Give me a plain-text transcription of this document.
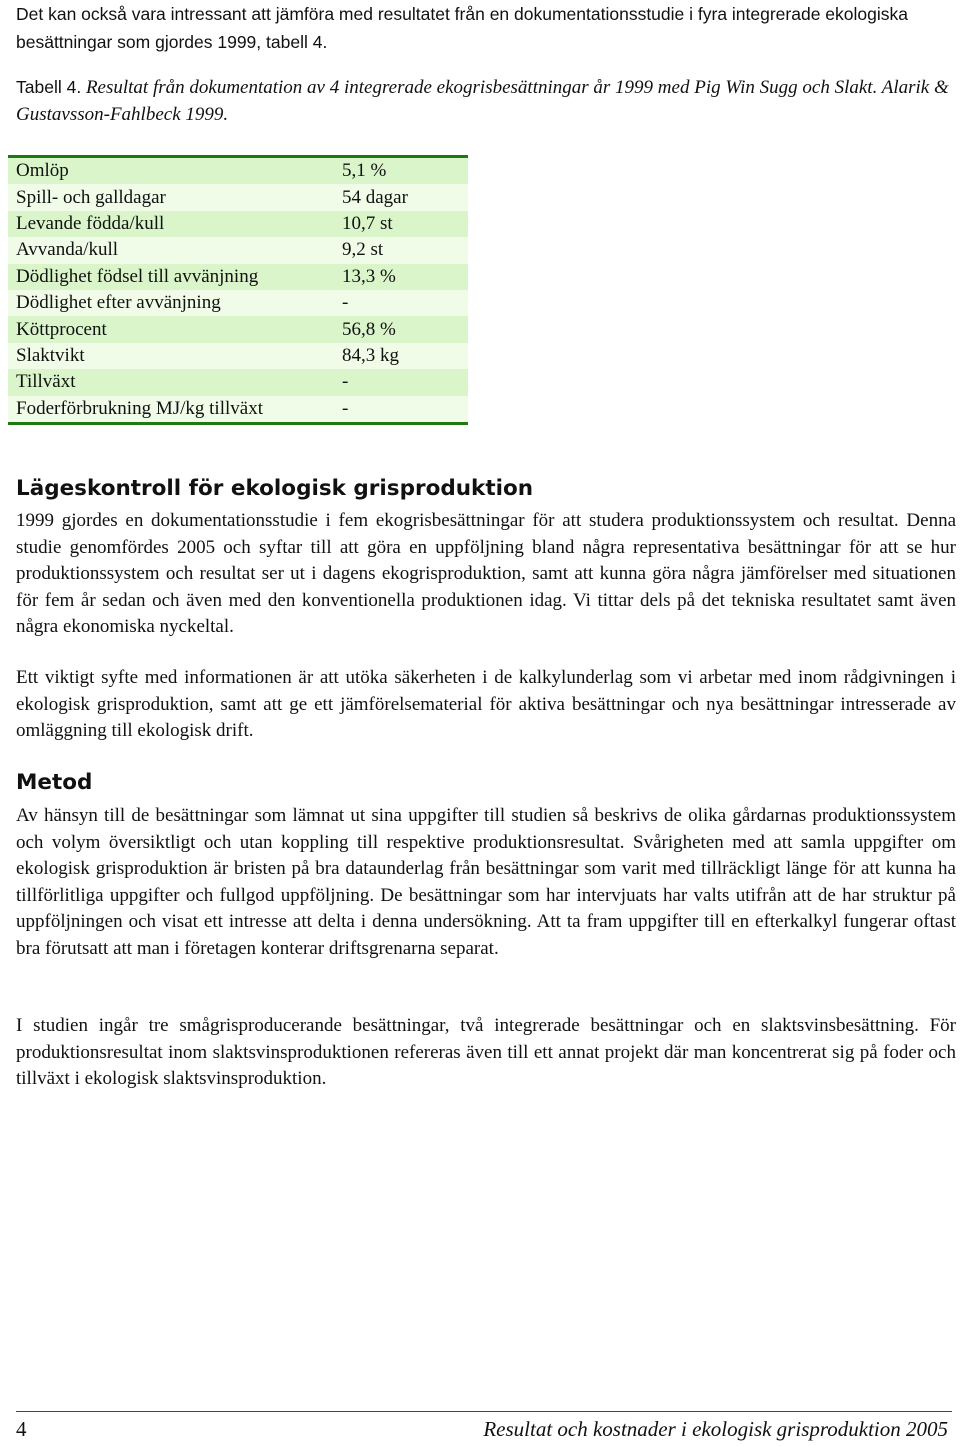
Det kan också vara intressant att jämföra med resultatet från en dokumentationsstudie i fyra integrerade ekologiska besättningar som gjordes 1999, tabell 4.

Tabell 4. Resultat från dokumentation av 4 integrerade ekogrisbesättningar år 1999 med Pig Win Sugg och Slakt. Alarik & Gustavsson-Fahlbeck 1999.

Omlöp	5,1 %
Spill- och galldagar	54 dagar
Levande födda/kull	10,7 st
Avvanda/kull	9,2 st
Dödlighet födsel till avvänjning	13,3 %
Dödlighet efter avvänjning	-
Köttprocent	56,8 %
Slaktvikt	84,3 kg
Tillväxt	-
Foderförbrukning MJ/kg tillväxt	-
Lägeskontroll för ekologisk grisproduktion

1999 gjordes en dokumentationsstudie i fem ekogrisbesättningar för att studera produktionssystem och resultat. Denna studie genomfördes 2005 och syftar till att göra en uppföljning bland några representativa besättningar för att se hur produktionssystem och resultat ser ut i dagens ekogrisproduktion, samt att kunna göra några jämförelser med situationen för fem år sedan och även med den konventionella produktionen idag. Vi tittar dels på det tekniska resultatet samt även några ekonomiska nyckeltal.

Ett viktigt syfte med informationen är att utöka säkerheten i de kalkylunderlag som vi arbetar med inom rådgivningen i ekologisk grisproduktion, samt att ge ett jämförelsematerial för aktiva besättningar och nya besättningar intresserade av omläggning till ekologisk drift.

Metod

Av hänsyn till de besättningar som lämnat ut sina uppgifter till studien så beskrivs de olika gårdarnas produktionssystem och volym översiktligt och utan koppling till respektive produktionsresultat. Svårigheten med att samla uppgifter om ekologisk grisproduktion är bristen på bra dataunderlag från besättningar som varit med tillräckligt länge för att kunna ha tillförlitliga uppgifter och fullgod uppföljning. De besättningar som har intervjuats har valts utifrån att de har struktur på uppföljningen och visat ett intresse att delta i denna undersökning. Att ta fram uppgifter till en efterkalkyl fungerar oftast bra förutsatt att man i företagen konterar driftsgrenarna separat.

I studien ingår tre smågrisproducerande besättningar, två integrerade besättningar och en slaktsvinsbesättning. För produktionsresultat inom slaktsvinsproduktionen refereras även till ett annat projekt där man koncentrerat sig på foder och tillväxt i ekologisk slaktsvinsproduktion.

4	Resultat och kostnader i ekologisk grisproduktion 2005
